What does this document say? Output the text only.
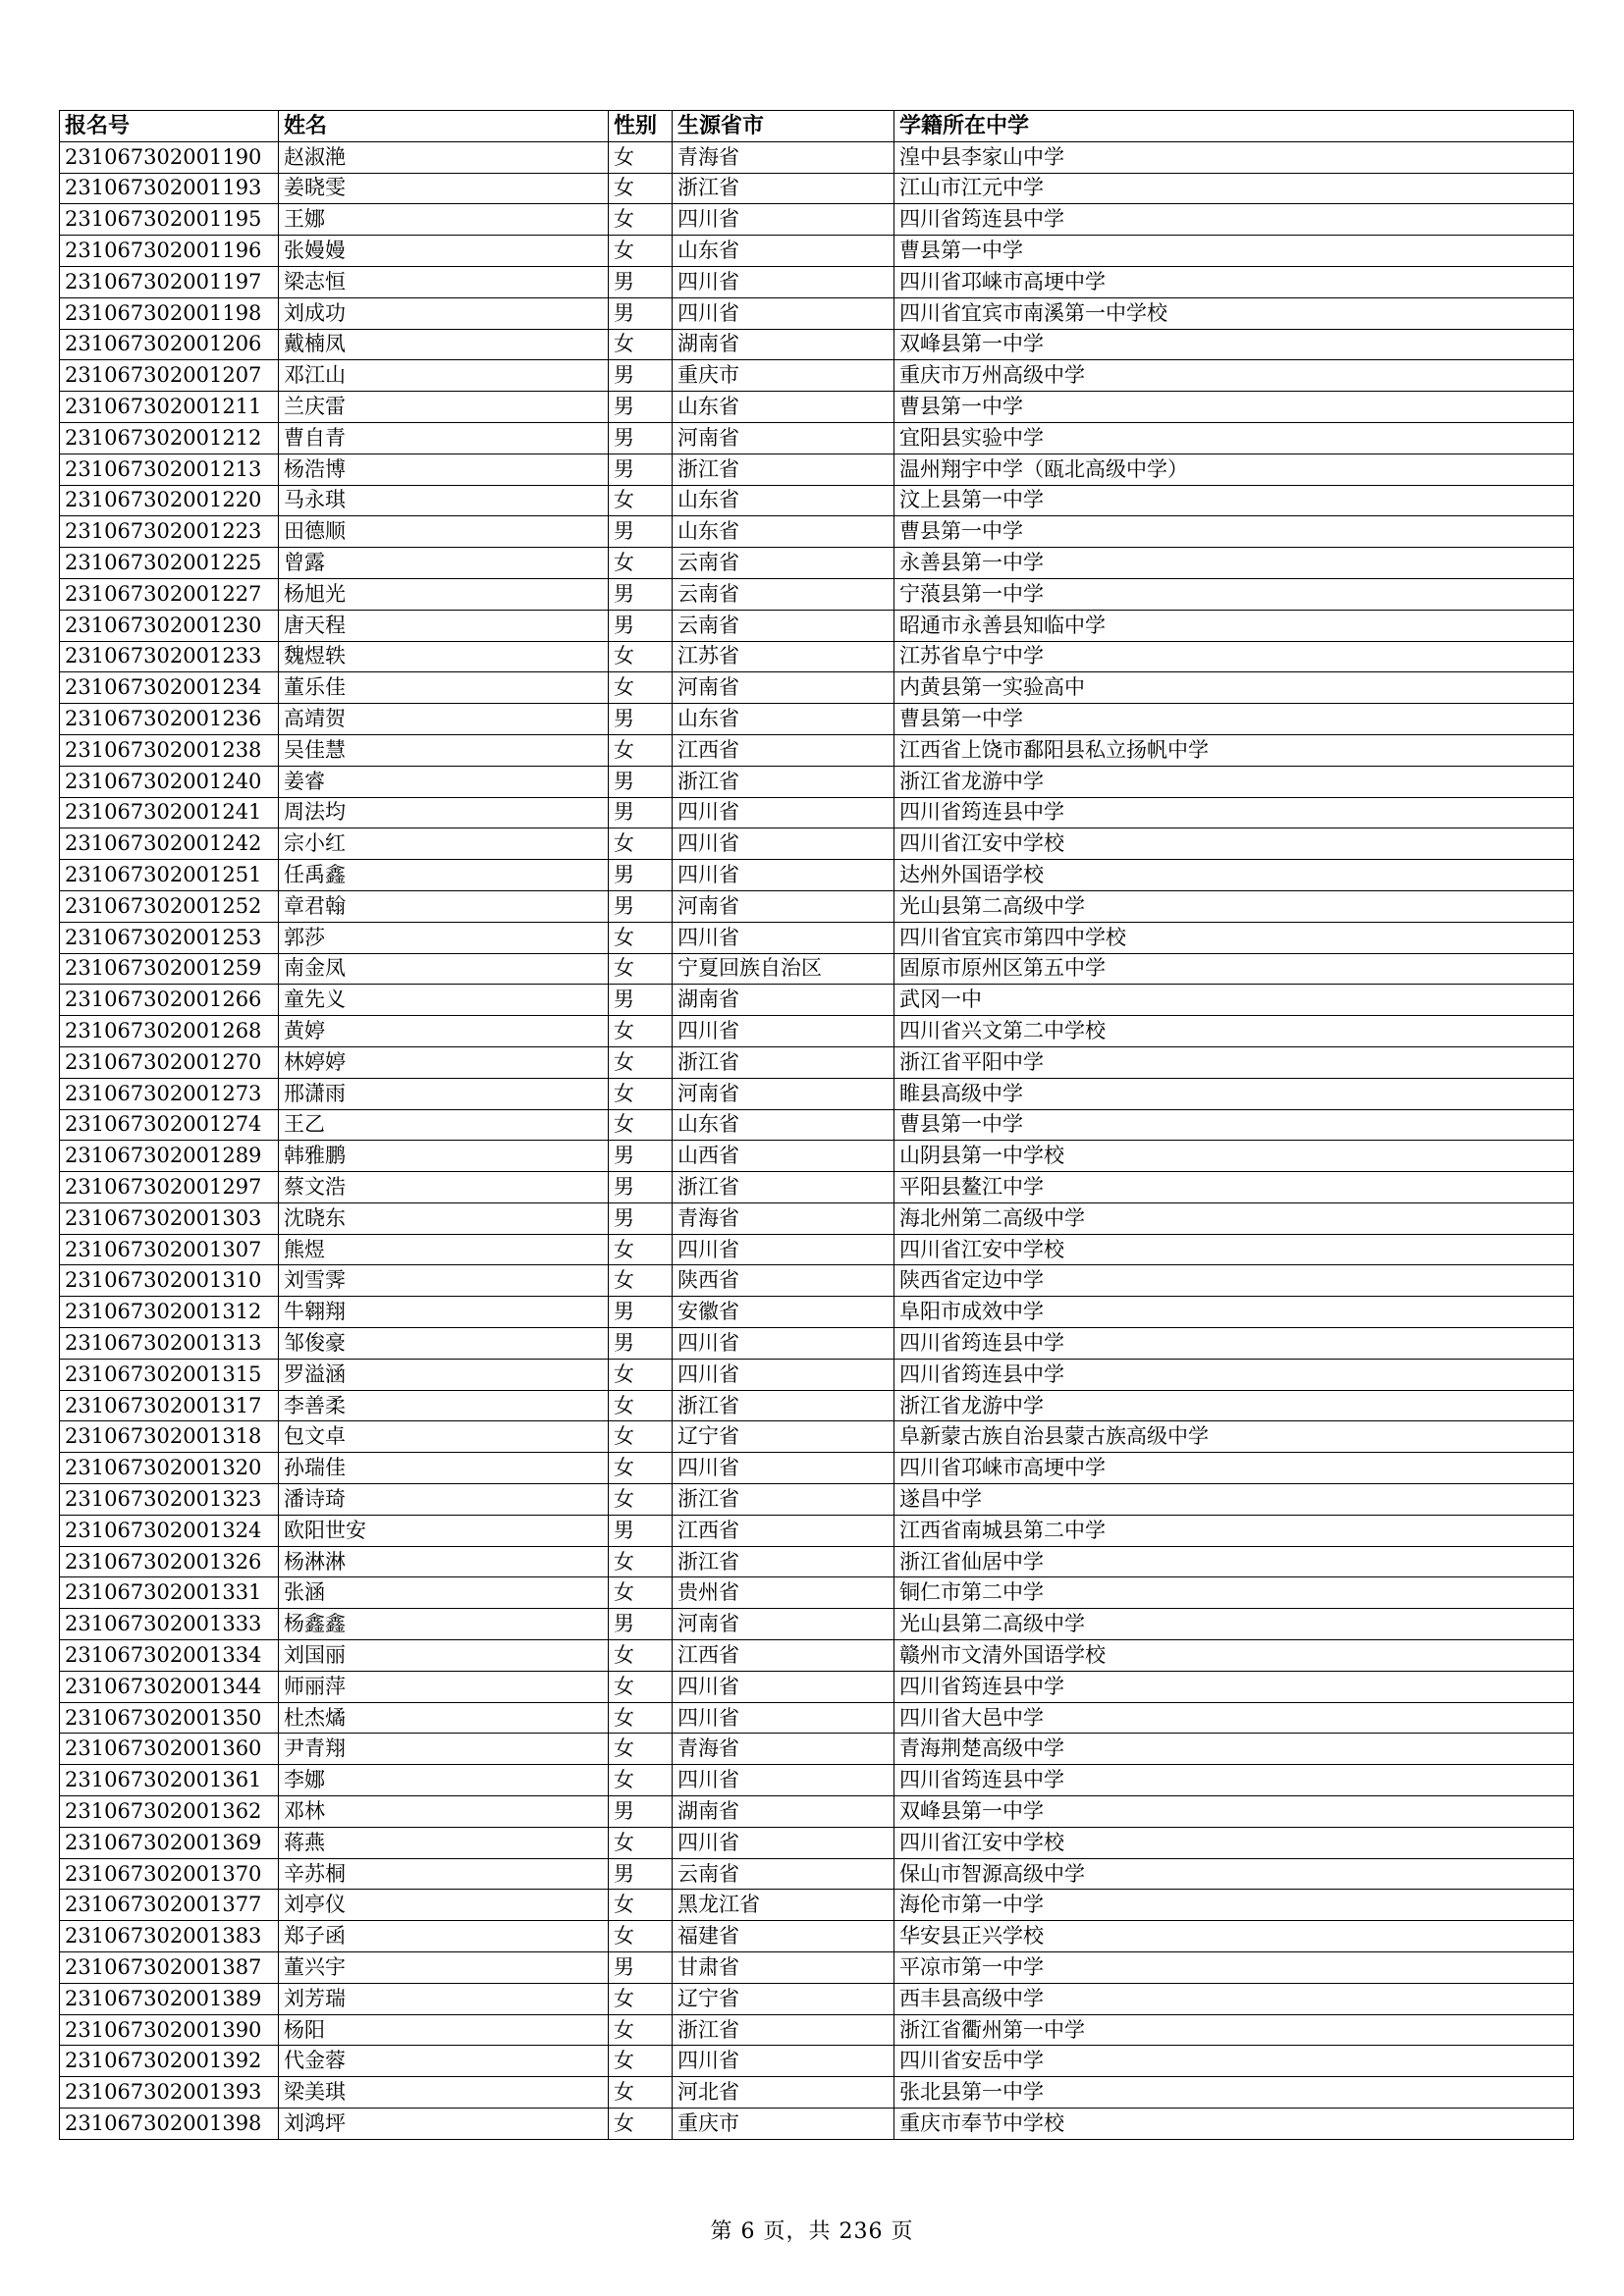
报名号	姓名	性别	生源省市	学籍所在中学
231067302001190	赵淑滟	女	青海省	湟中县李家山中学
231067302001193	姜晓雯	女	浙江省	江山市江元中学
231067302001195	王娜	女	四川省	四川省筠连县中学
231067302001196	张嫚嫚	女	山东省	曹县第一中学
231067302001197	梁志恒	男	四川省	四川省邛崃市高埂中学
231067302001198	刘成功	男	四川省	四川省宜宾市南溪第一中学校
231067302001206	戴楠凤	女	湖南省	双峰县第一中学
231067302001207	邓江山	男	重庆市	重庆市万州高级中学
231067302001211	兰庆雷	男	山东省	曹县第一中学
231067302001212	曹自青	男	河南省	宜阳县实验中学
231067302001213	杨浩博	男	浙江省	温州翔宇中学（瓯北高级中学）
231067302001220	马永琪	女	山东省	汶上县第一中学
231067302001223	田德顺	男	山东省	曹县第一中学
231067302001225	曾露	女	云南省	永善县第一中学
231067302001227	杨旭光	男	云南省	宁蒗县第一中学
231067302001230	唐天程	男	云南省	昭通市永善县知临中学
231067302001233	魏煜轶	女	江苏省	江苏省阜宁中学
231067302001234	董乐佳	女	河南省	内黄县第一实验高中
231067302001236	高靖贺	男	山东省	曹县第一中学
231067302001238	吴佳慧	女	江西省	江西省上饶市鄱阳县私立扬帆中学
231067302001240	姜睿	男	浙江省	浙江省龙游中学
231067302001241	周法均	男	四川省	四川省筠连县中学
231067302001242	宗小红	女	四川省	四川省江安中学校
231067302001251	任禹鑫	男	四川省	达州外国语学校
231067302001252	章君翰	男	河南省	光山县第二高级中学
231067302001253	郭莎	女	四川省	四川省宜宾市第四中学校
231067302001259	南金凤	女	宁夏回族自治区	固原市原州区第五中学
231067302001266	童先义	男	湖南省	武冈一中
231067302001268	黄婷	女	四川省	四川省兴文第二中学校
231067302001270	林婷婷	女	浙江省	浙江省平阳中学
231067302001273	邢潇雨	女	河南省	睢县高级中学
231067302001274	王乙	女	山东省	曹县第一中学
231067302001289	韩雅鹏	男	山西省	山阴县第一中学校
231067302001297	蔡文浩	男	浙江省	平阳县鳌江中学
231067302001303	沈晓东	男	青海省	海北州第二高级中学
231067302001307	熊煜	女	四川省	四川省江安中学校
231067302001310	刘雪霁	女	陕西省	陕西省定边中学
231067302001312	牛翱翔	男	安徽省	阜阳市成效中学
231067302001313	邹俊豪	男	四川省	四川省筠连县中学
231067302001315	罗溢涵	女	四川省	四川省筠连县中学
231067302001317	李善柔	女	浙江省	浙江省龙游中学
231067302001318	包文卓	女	辽宁省	阜新蒙古族自治县蒙古族高级中学
231067302001320	孙瑞佳	女	四川省	四川省邛崃市高埂中学
231067302001323	潘诗琦	女	浙江省	遂昌中学
231067302001324	欧阳世安	男	江西省	江西省南城县第二中学
231067302001326	杨淋淋	女	浙江省	浙江省仙居中学
231067302001331	张涵	女	贵州省	铜仁市第二中学
231067302001333	杨鑫鑫	男	河南省	光山县第二高级中学
231067302001334	刘国丽	女	江西省	赣州市文清外国语学校
231067302001344	师丽萍	女	四川省	四川省筠连县中学
231067302001350	杜杰燏	女	四川省	四川省大邑中学
231067302001360	尹青翔	女	青海省	青海荆楚高级中学
231067302001361	李娜	女	四川省	四川省筠连县中学
231067302001362	邓林	男	湖南省	双峰县第一中学
231067302001369	蒋燕	女	四川省	四川省江安中学校
231067302001370	辛苏桐	男	云南省	保山市智源高级中学
231067302001377	刘亭仪	女	黑龙江省	海伦市第一中学
231067302001383	郑子函	女	福建省	华安县正兴学校
231067302001387	董兴宇	男	甘肃省	平凉市第一中学
231067302001389	刘芳瑞	女	辽宁省	西丰县高级中学
231067302001390	杨阳	女	浙江省	浙江省衢州第一中学
231067302001392	代金蓉	女	四川省	四川省安岳中学
231067302001393	梁美琪	女	河北省	张北县第一中学
231067302001398	刘鸿坪	女	重庆市	重庆市奉节中学校
第 6 页，共 236 页
